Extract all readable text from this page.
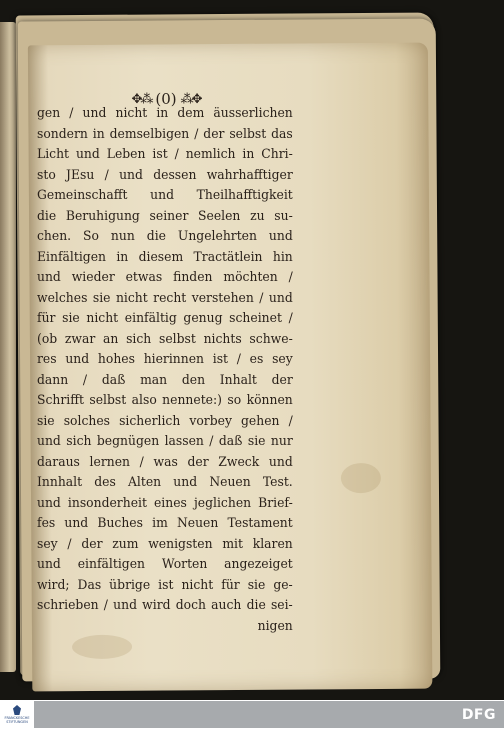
✥⁂ (0) ⁂✥
gen / und nicht in dem äusserlichen
sondern in demselbigen / der selbst das
Licht und Leben ist / nemlich in Chri-
sto JEsu / und dessen wahrhafftiger
Gemeinschafft und Theilhafftigkeit
die Beruhigung seiner Seelen zu su-
chen. So nun die Ungelehrten und
Einfältigen in diesem Tractätlein hin
und wieder etwas finden möchten /
welches sie nicht recht verstehen / und
für sie nicht einfältig genug scheinet /
(ob zwar an sich selbst nichts schwe-
res und hohes hierinnen ist / es sey
dann / daß man den Inhalt der
Schrifft selbst also nennete:) so können
sie solches sicherlich vorbey gehen /
und sich begnügen lassen / daß sie nur
daraus lernen / was der Zweck und
Innhalt des Alten und Neuen Test.
und insonderheit eines jeglichen Brief-
fes und Buches im Neuen Testament
sey / der zum wenigsten mit klaren
und einfältigen Worten angezeiget
wird; Das übrige ist nicht für sie ge-
schrieben / und wird doch auch die sei-
nigen
FRANCKESCHE
STIFTUNGEN	DFG
